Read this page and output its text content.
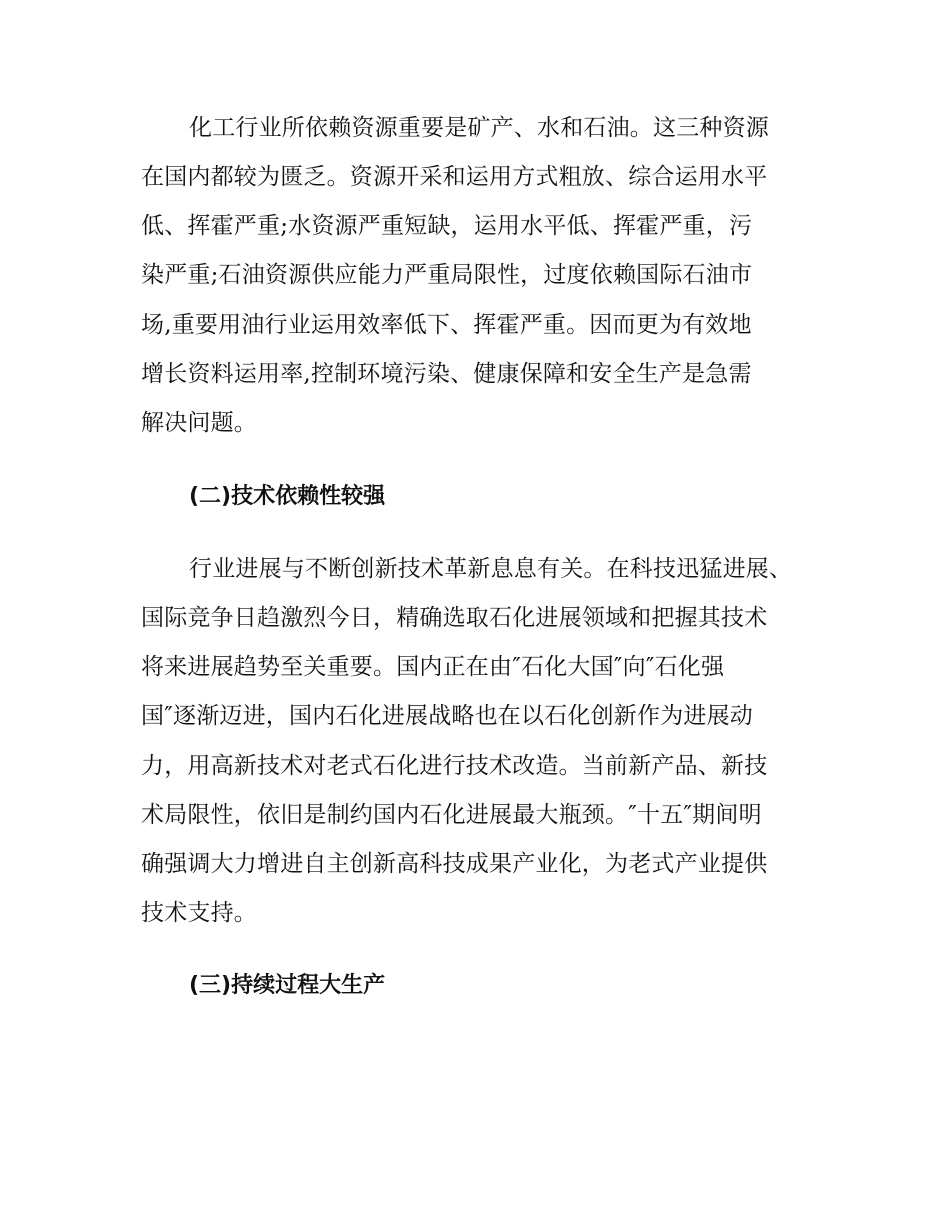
化工行业所依赖资源重要是矿产、水和石油。这三种资源
在国内都较为匮乏。资源开采和运用方式粗放、综合运用水平
低、挥霍严重;水资源严重短缺，运用水平低、挥霍严重，污
染严重;石油资源供应能力严重局限性，过度依赖国际石油市
场,重要用油行业运用效率低下、挥霍严重。因而更为有效地
增长资料运用率,控制环境污染、健康保障和安全生产是急需
解决问题。
(二)技术依赖性较强
行业进展与不断创新技术革新息息有关。在科技迅猛进展、
国际竞争日趋激烈今日，精确选取石化进展领域和把握其技术
将来进展趋势至关重要。国内正在由″石化大国″向″石化强
国″逐渐迈进，国内石化进展战略也在以石化创新作为进展动
力，用高新技术对老式石化进行技术改造。当前新产品、新技
术局限性，依旧是制约国内石化进展最大瓶颈。″十五″期间明
确强调大力增进自主创新高科技成果产业化，为老式产业提供
技术支持。
(三)持续过程大生产
